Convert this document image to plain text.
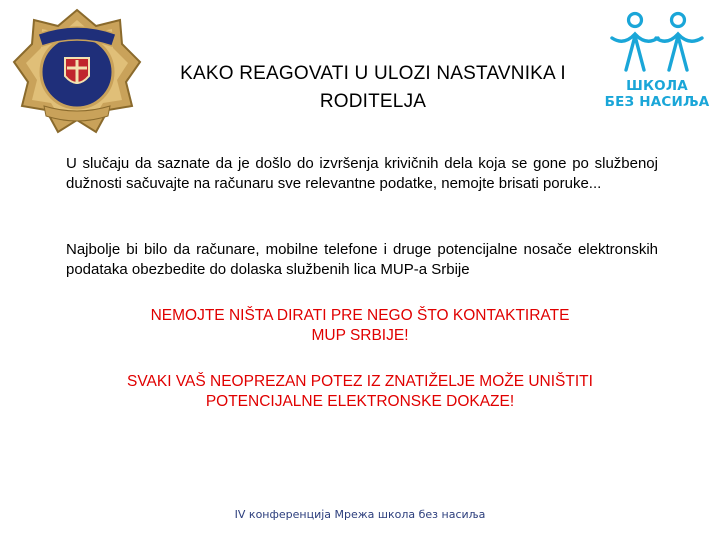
ШКОЛА
БЕЗ НАСИЉА
KAKO REAGOVATI U ULOZI NASTAVNIKA I
RODITELJA
U slučaju da saznate da je došlo do izvršenja krivičnih dela koja se gone po službenoj dužnosti sačuvajte na računaru sve relevantne podatke, nemojte brisati poruke...
Najbolje bi bilo da računare, mobilne telefone i druge potencijalne nosače elektronskih podataka obezbedite do dolaska službenih lica MUP-a Srbije
NEMOJTE NIŠTA DIRATI PRE NEGO ŠTO KONTAKTIRATE
MUP SRBIJE!
SVAKI VAŠ NEOPREZAN POTEZ IZ ZNATIŽELJE MOŽE UNIŠTITI
POTENCIJALNE ELEKTRONSKE DOKAZE!
IV конференција Мрежа школа без насиља
